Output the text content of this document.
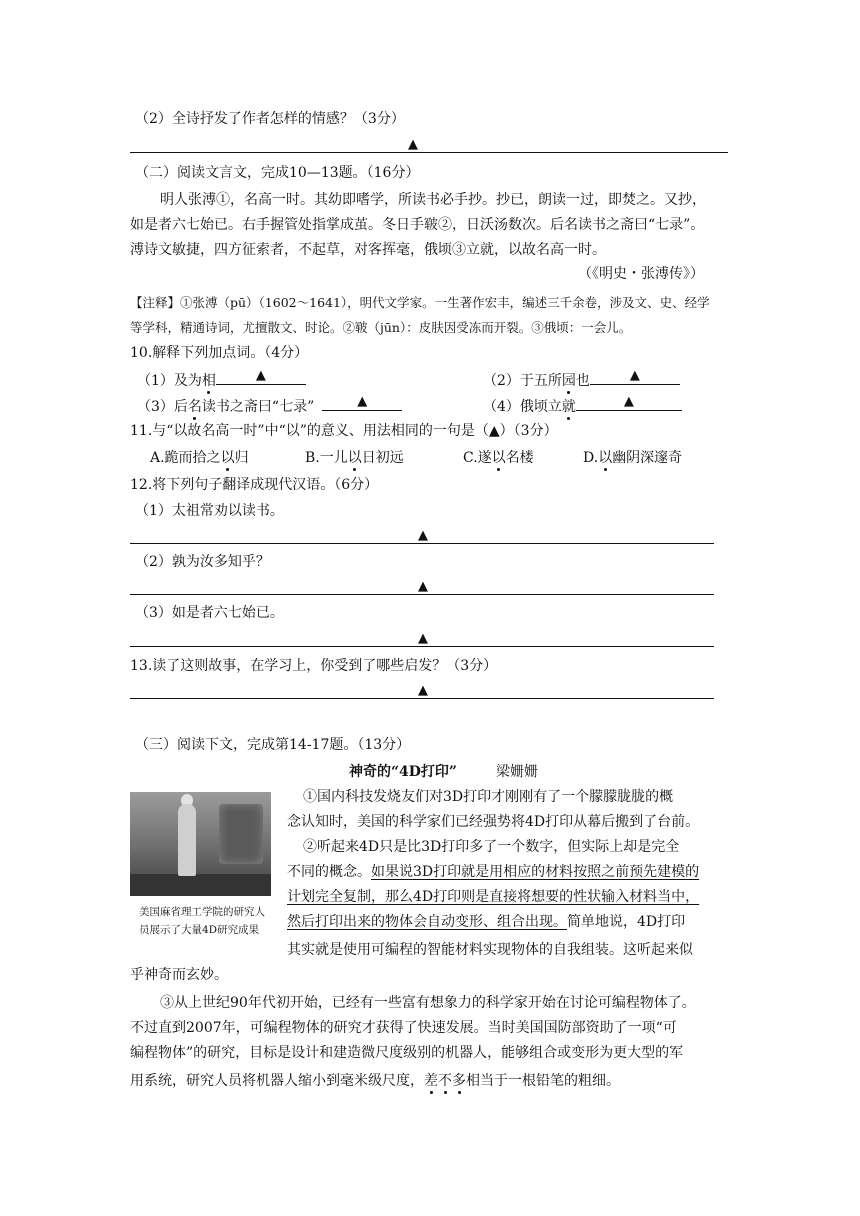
（2）全诗抒发了作者怎样的情感？（3分）
▲
（二）阅读文言文，完成10—13题。（16分）
明人张溥①，名高一时。其幼即嗜学，所读书必手抄。抄已，朗读一过，即焚之。又抄，
如是者六七始已。右手握管处指掌成茧。冬日手皲②，日沃汤数次。后名读书之斋曰“七录”。
溥诗文敏捷，四方征索者，不起草，对客挥毫，俄顷③立就，以故名高一时。
（《明史・张溥传》）
【注释】①张溥（pū）（1602～1641），明代文学家。一生著作宏丰，编述三千余卷，涉及文、史、经学
等学科，精通诗词，尤擅散文、时论。②皲（jūn）：皮肤因受冻而开裂。③俄顷：一会儿。
10.解释下列加点词。（4分）
（1）及为相	▲	（2）于五所园也	▲
（3）后名读书之斋曰“七录”	▲	（4）俄顷立就	▲
11.与“以故名高一时”中“以”的意义、用法相同的一句是（▲）（3分）
A.跪而拾之以归	B.一儿以日初远	C.遂以名楼	D.以幽阴深邃奇
12.将下列句子翻译成现代汉语。（6分）
（1）太祖常劝以读书。
▲
（2）孰为汝多知乎？
▲
（3）如是者六七始已。
▲
13.读了这则故事，在学习上，你受到了哪些启发？（3分）
▲
（三）阅读下文，完成第14-17题。（13分）
神奇的“4D打印”	梁姗姗
美国麻省理工学院的研究人
员展示了大量4D研究成果
①国内科技发烧友们对3D打印才刚刚有了一个朦朦胧胧的概
念认知时，美国的科学家们已经强势将4D打印从幕后搬到了台前。
②听起来4D只是比3D打印多了一个数字，但实际上却是完全
不同的概念。如果说3D打印就是用相应的材料按照之前预先建模的
计划完全复制，那么4D打印则是直接将想要的性状输入材料当中，
然后打印出来的物体会自动变形、组合出现。简单地说，4D打印
其实就是使用可编程的智能材料实现物体的自我组装。这听起来似
乎神奇而玄妙。
③从上世纪90年代初开始，已经有一些富有想象力的科学家开始在讨论可编程物体了。
不过直到2007年，可编程物体的研究才获得了快速发展。当时美国国防部资助了一项“可
编程物体”的研究，目标是设计和建造微尺度级别的机器人，能够组合或变形为更大型的军
用系统，研究人员将机器人缩小到毫米级尺度，差不多相当于一根铅笔的粗细。
